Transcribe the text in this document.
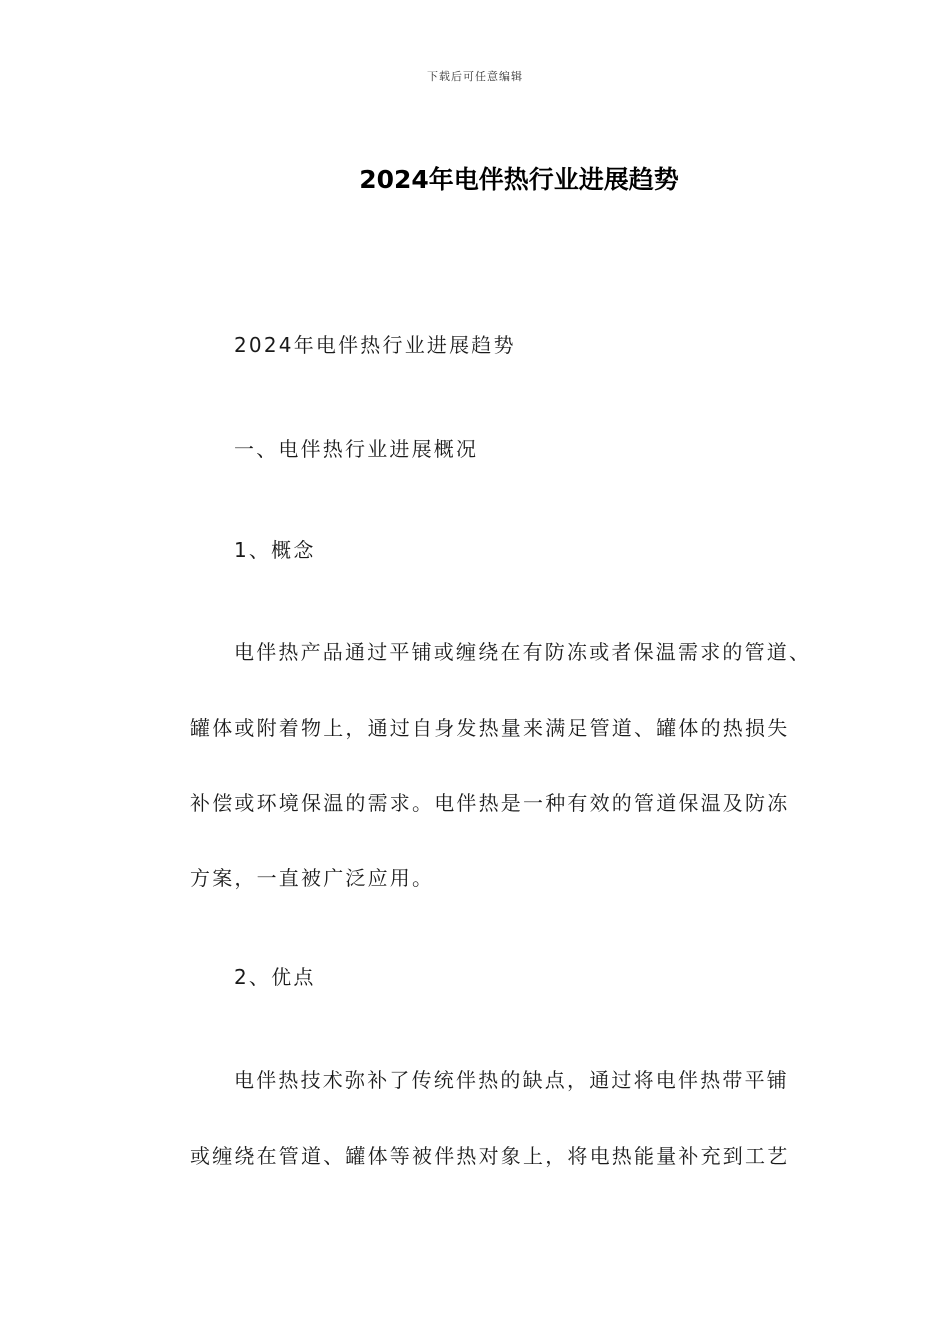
下载后可任意编辑
2024年电伴热行业进展趋势
2024年电伴热行业进展趋势
一、电伴热行业进展概况
1、概念
电伴热产品通过平铺或缠绕在有防冻或者保温需求的管道、
罐体或附着物上，通过自身发热量来满足管道、罐体的热损失
补偿或环境保温的需求。电伴热是一种有效的管道保温及防冻
方案，一直被广泛应用。
2、优点
电伴热技术弥补了传统伴热的缺点，通过将电伴热带平铺
或缠绕在管道、罐体等被伴热对象上，将电热能量补充到工艺
